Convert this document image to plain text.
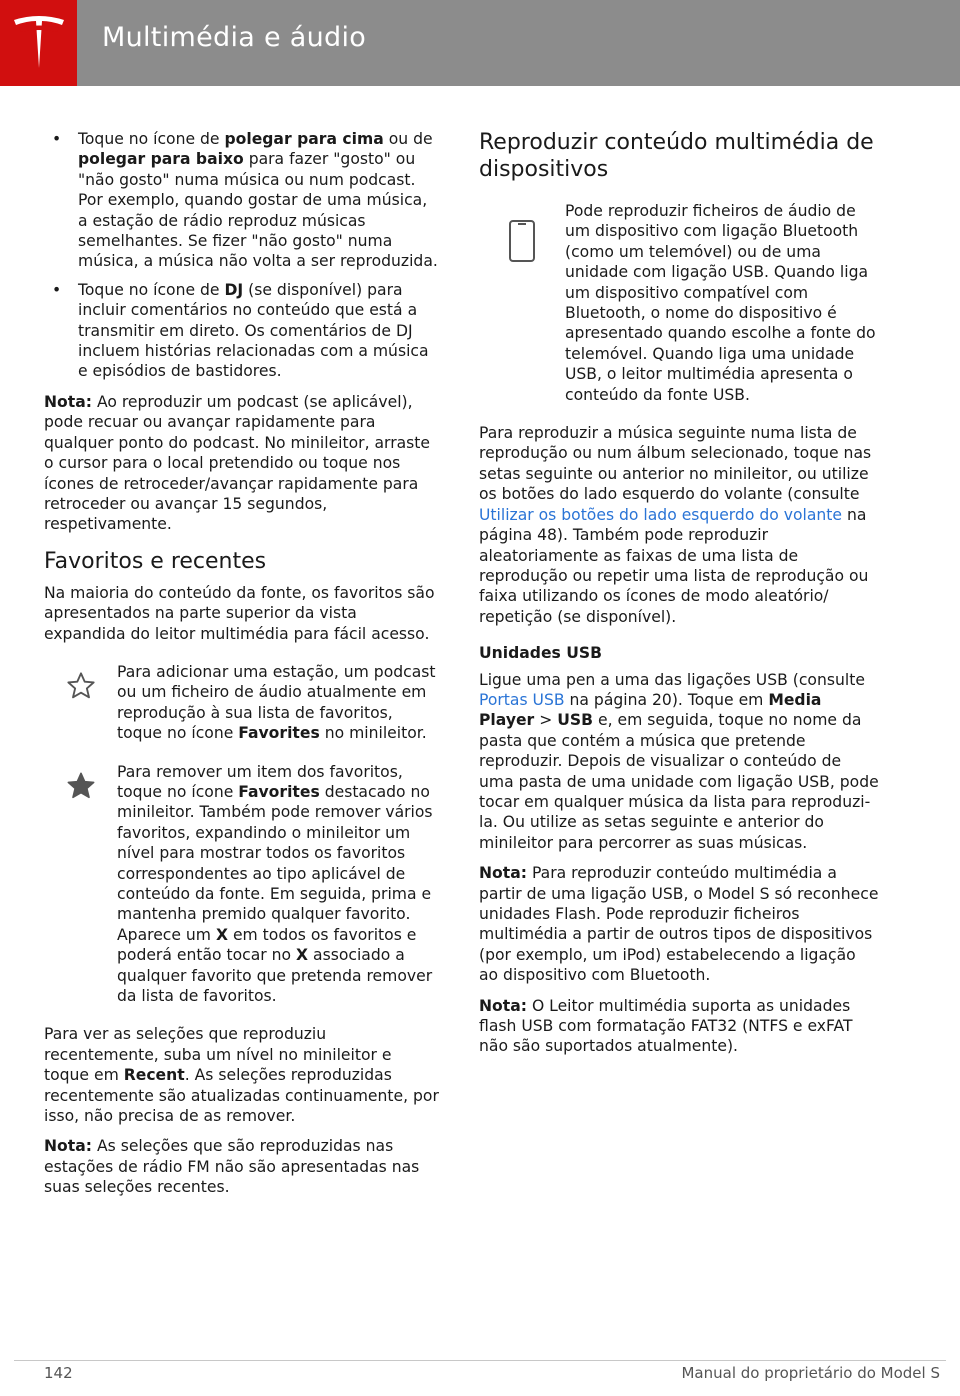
Multimédia e áudio
• Toque no ícone de polegar para cima ou de polegar para baixo para fazer "gosto" ou "não gosto" numa música ou num podcast. Por exemplo, quando gostar de uma música, a estação de rádio reproduz músicas semelhantes. Se fizer "não gosto" numa música, a música não volta a ser reproduzida.
• Toque no ícone de DJ (se disponível) para incluir comentários no conteúdo que está a transmitir em direto. Os comentários de DJ incluem histórias relacionadas com a música e episódios de bastidores.

Nota: Ao reproduzir um podcast (se aplicável), pode recuar ou avançar rapidamente para qualquer ponto do podcast. No minileitor, arraste o cursor para o local pretendido ou toque nos ícones de retroceder/avançar rapidamente para retroceder ou avançar 15 segundos, respetivamente.

Favoritos e recentes

Na maioria do conteúdo da fonte, os favoritos são apresentados na parte superior da vista expandida do leitor multimédia para fácil acesso.

Para adicionar uma estação, um podcast ou um ficheiro de áudio atualmente em reprodução à sua lista de favoritos, toque no ícone Favorites no minileitor.
Para remover um item dos favoritos, toque no ícone Favorites destacado no minileitor. Também pode remover vários favoritos, expandindo o minileitor um nível para mostrar todos os favoritos correspondentes ao tipo aplicável de conteúdo da fonte. Em seguida, prima e mantenha premido qualquer favorito. Aparece um X em todos os favoritos e poderá então tocar no X associado a qualquer favorito que pretenda remover da lista de favoritos.

Para ver as seleções que reproduziu recentemente, suba um nível no minileitor e toque em Recent. As seleções reproduzidas recentemente são atualizadas continuamente, por isso, não precisa de as remover.

Nota: As seleções que são reproduzidas nas estações de rádio FM não são apresentadas nas suas seleções recentes.

Reproduzir conteúdo multimédia de dispositivos
Pode reproduzir ficheiros de áudio de um dispositivo com ligação Bluetooth (como um telemóvel) ou de uma unidade com ligação USB. Quando liga um dispositivo compatível com Bluetooth, o nome do dispositivo é apresentado quando escolhe a fonte do telemóvel. Quando liga uma unidade USB, o leitor multimédia apresenta o conteúdo da fonte USB.

Para reproduzir a música seguinte numa lista de reprodução ou num álbum selecionado, toque nas setas seguinte ou anterior no minileitor, ou utilize os botões do lado esquerdo do volante (consulte Utilizar os botões do lado esquerdo do volante na página 48). Também pode reproduzir aleatoriamente as faixas de uma lista de reprodução ou repetir uma lista de reprodução ou faixa utilizando os ícones de modo aleatório/ repetição (se disponível).

Unidades USB

Ligue uma pen a uma das ligações USB (consulte Portas USB na página 20). Toque em Media Player > USB e, em seguida, toque no nome da pasta que contém a música que pretende reproduzir. Depois de visualizar o conteúdo de uma pasta de uma unidade com ligação USB, pode tocar em qualquer música da lista para reproduzi-la. Ou utilize as setas seguinte e anterior do minileitor para percorrer as suas músicas.

Nota: Para reproduzir conteúdo multimédia a partir de uma ligação USB, o Model S só reconhece unidades Flash. Pode reproduzir ficheiros multimédia a partir de outros tipos de dispositivos (por exemplo, um iPod) estabelecendo a ligação ao dispositivo com Bluetooth.

Nota: O Leitor multimédia suporta as unidades flash USB com formatação FAT32 (NTFS e exFAT não são suportados atualmente).

142	Manual do proprietário do Model S
